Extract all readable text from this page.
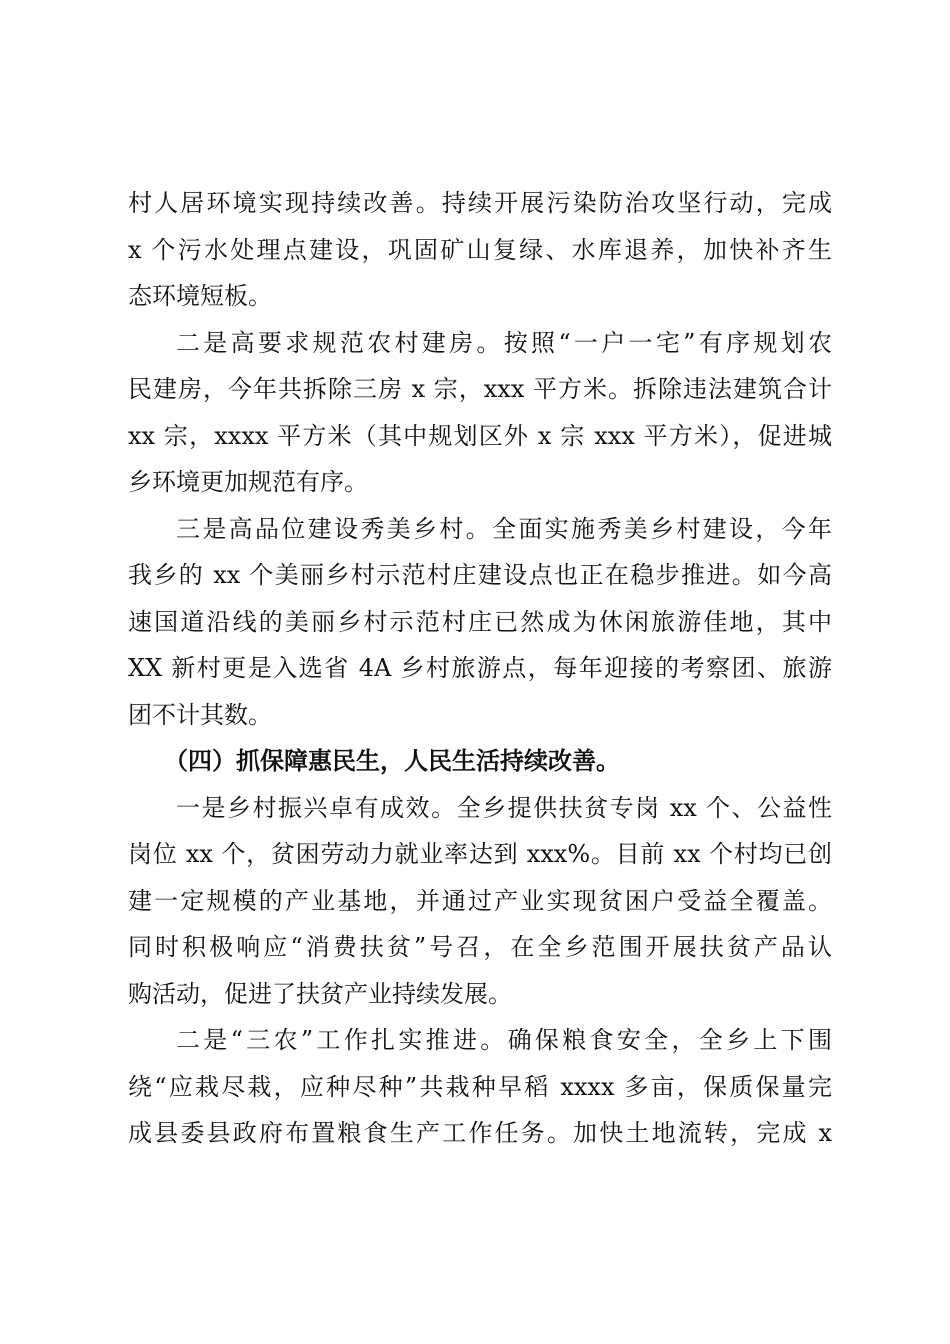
村人居环境实现持续改善。持续开展污染防治攻坚行动，完成
x 个污水处理点建设，巩固矿山复绿、水库退养，加快补齐生
态环境短板。

二是高要求规范农村建房。按照“一户一宅”有序规划农
民建房，今年共拆除三房 x 宗，xxx 平方米。拆除违法建筑合计
xx 宗，xxxx 平方米（其中规划区外 x 宗 xxx 平方米），促进城
乡环境更加规范有序。

三是高品位建设秀美乡村。全面实施秀美乡村建设，今年
我乡的 xx 个美丽乡村示范村庄建设点也正在稳步推进。如今高
速国道沿线的美丽乡村示范村庄已然成为休闲旅游佳地，其中
XX 新村更是入选省 4A 乡村旅游点，每年迎接的考察团、旅游
团不计其数。

（四）抓保障惠民生，人民生活持续改善。

一是乡村振兴卓有成效。全乡提供扶贫专岗 xx 个、公益性
岗位 xx 个，贫困劳动力就业率达到 xxx%。目前 xx 个村均已创
建一定规模的产业基地，并通过产业实现贫困户受益全覆盖。
同时积极响应“消费扶贫”号召，在全乡范围开展扶贫产品认
购活动，促进了扶贫产业持续发展。

二是“三农”工作扎实推进。确保粮食安全，全乡上下围
绕“应栽尽栽，应种尽种”共栽种早稻 xxxx 多亩，保质保量完
成县委县政府布置粮食生产工作任务。加快土地流转，完成 x
